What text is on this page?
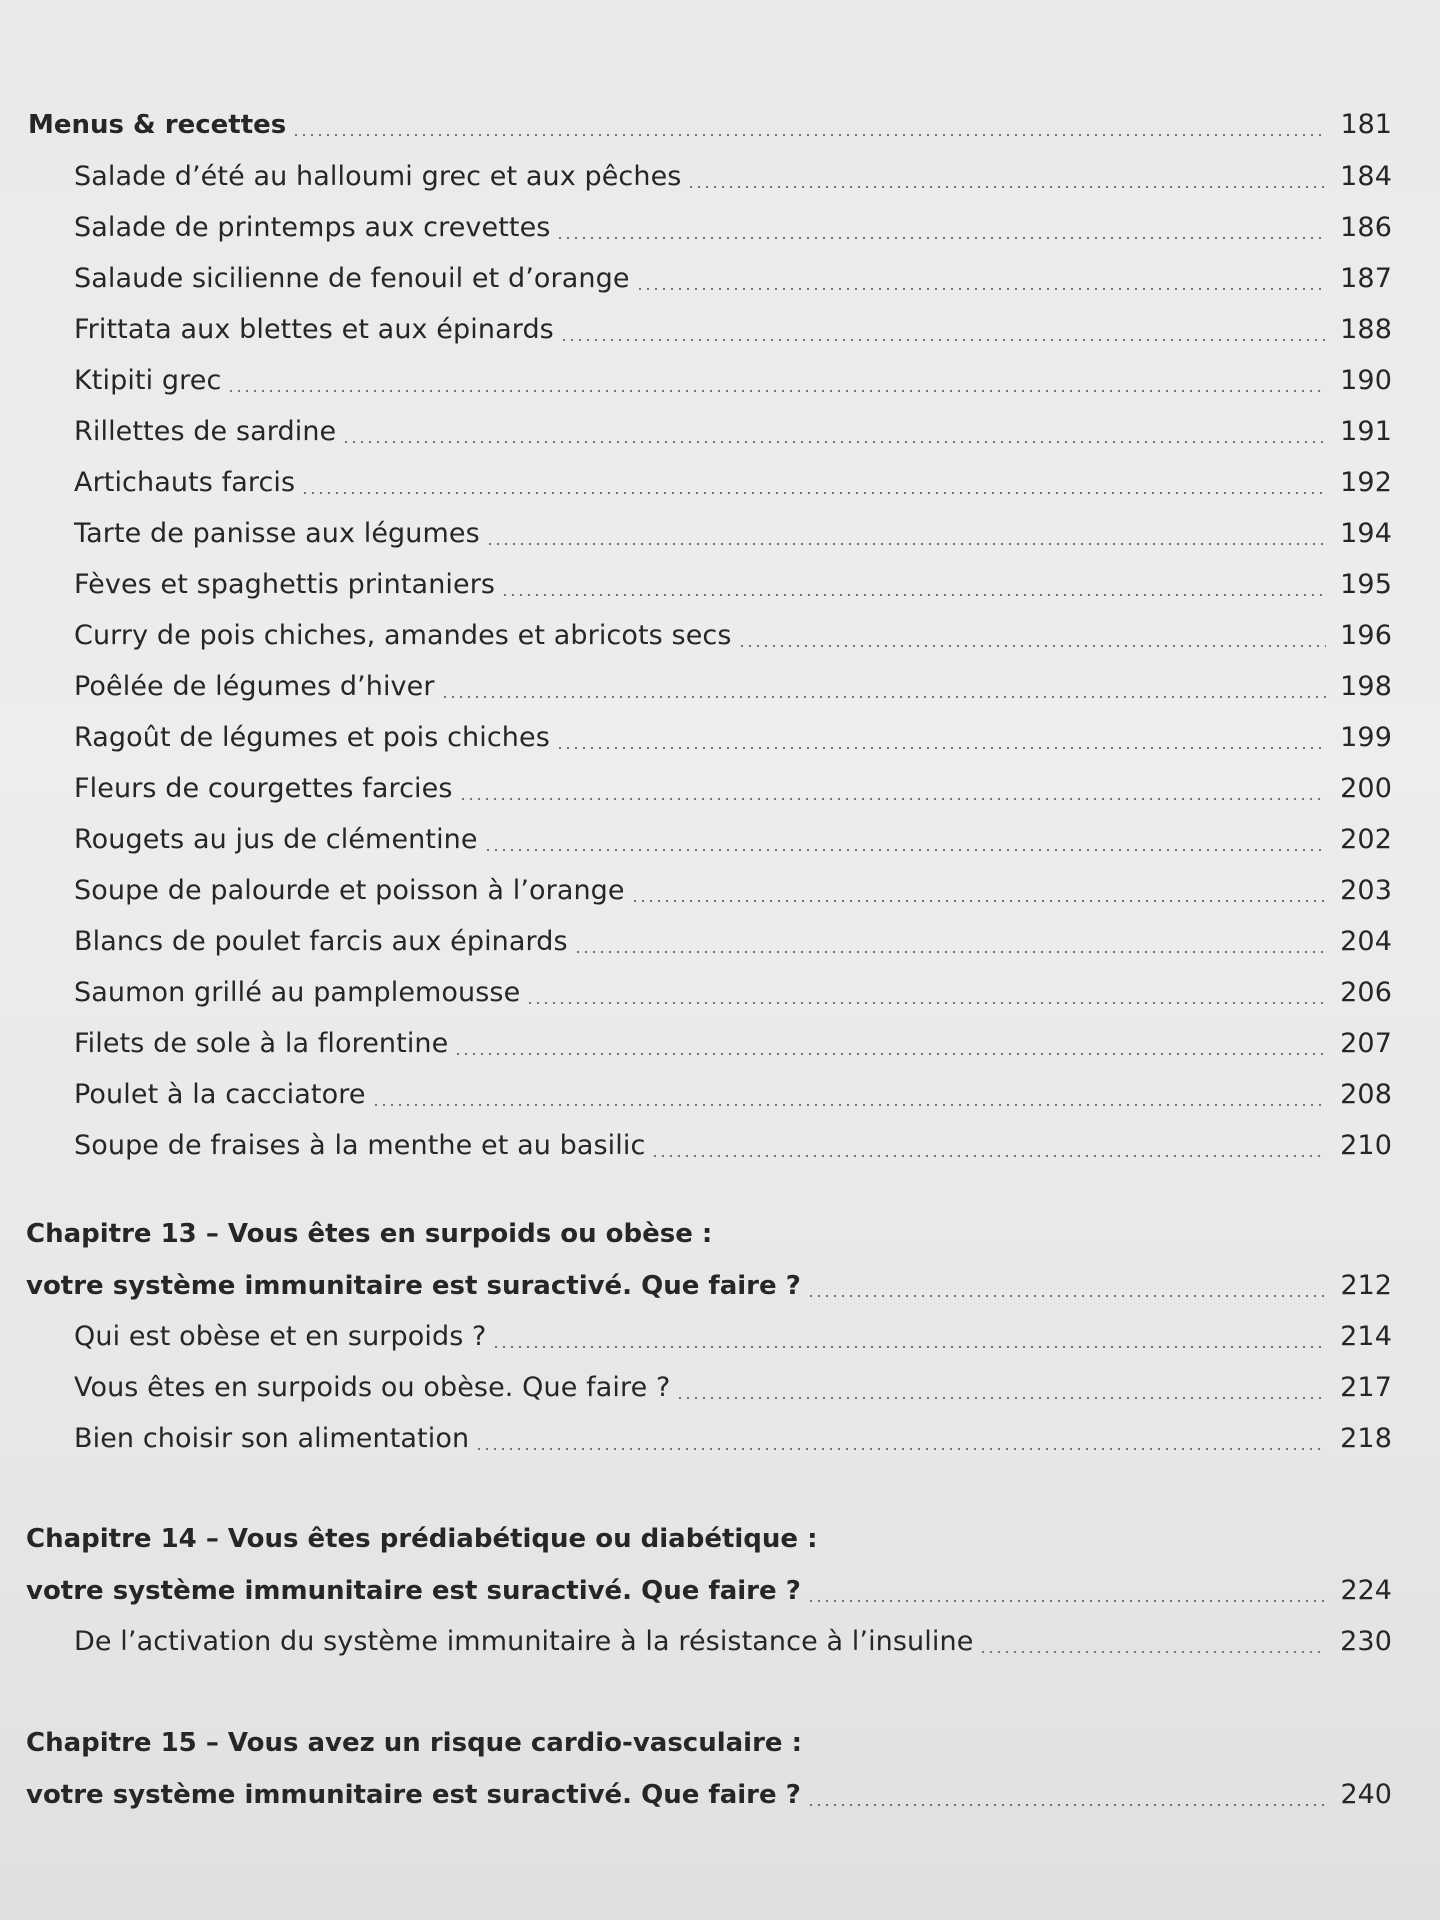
Menus & recettes	181
Salade d’été au halloumi grec et aux pêches	184
Salade de printemps aux crevettes	186
Salaude sicilienne de fenouil et d’orange	187
Frittata aux blettes et aux épinards	188
Ktipiti grec	190
Rillettes de sardine	191
Artichauts farcis	192
Tarte de panisse aux légumes	194
Fèves et spaghettis printaniers	195
Curry de pois chiches, amandes et abricots secs	196
Poêlée de légumes d’hiver	198
Ragoût de légumes et pois chiches	199
Fleurs de courgettes farcies	200
Rougets au jus de clémentine	202
Soupe de palourde et poisson à l’orange	203
Blancs de poulet farcis aux épinards	204
Saumon grillé au pamplemousse	206
Filets de sole à la florentine	207
Poulet à la cacciatore	208
Soupe de fraises à la menthe et au basilic	210
Chapitre 13 – Vous êtes en surpoids ou obèse :
votre système immunitaire est suractivé. Que faire ?	212
Qui est obèse et en surpoids ?	214
Vous êtes en surpoids ou obèse. Que faire ?	217
Bien choisir son alimentation	218
Chapitre 14 – Vous êtes prédiabétique ou diabétique :
votre système immunitaire est suractivé. Que faire ?	224
De l’activation du système immunitaire à la résistance à l’insuline	230
Chapitre 15 – Vous avez un risque cardio-vasculaire :
votre système immunitaire est suractivé. Que faire ?	240
